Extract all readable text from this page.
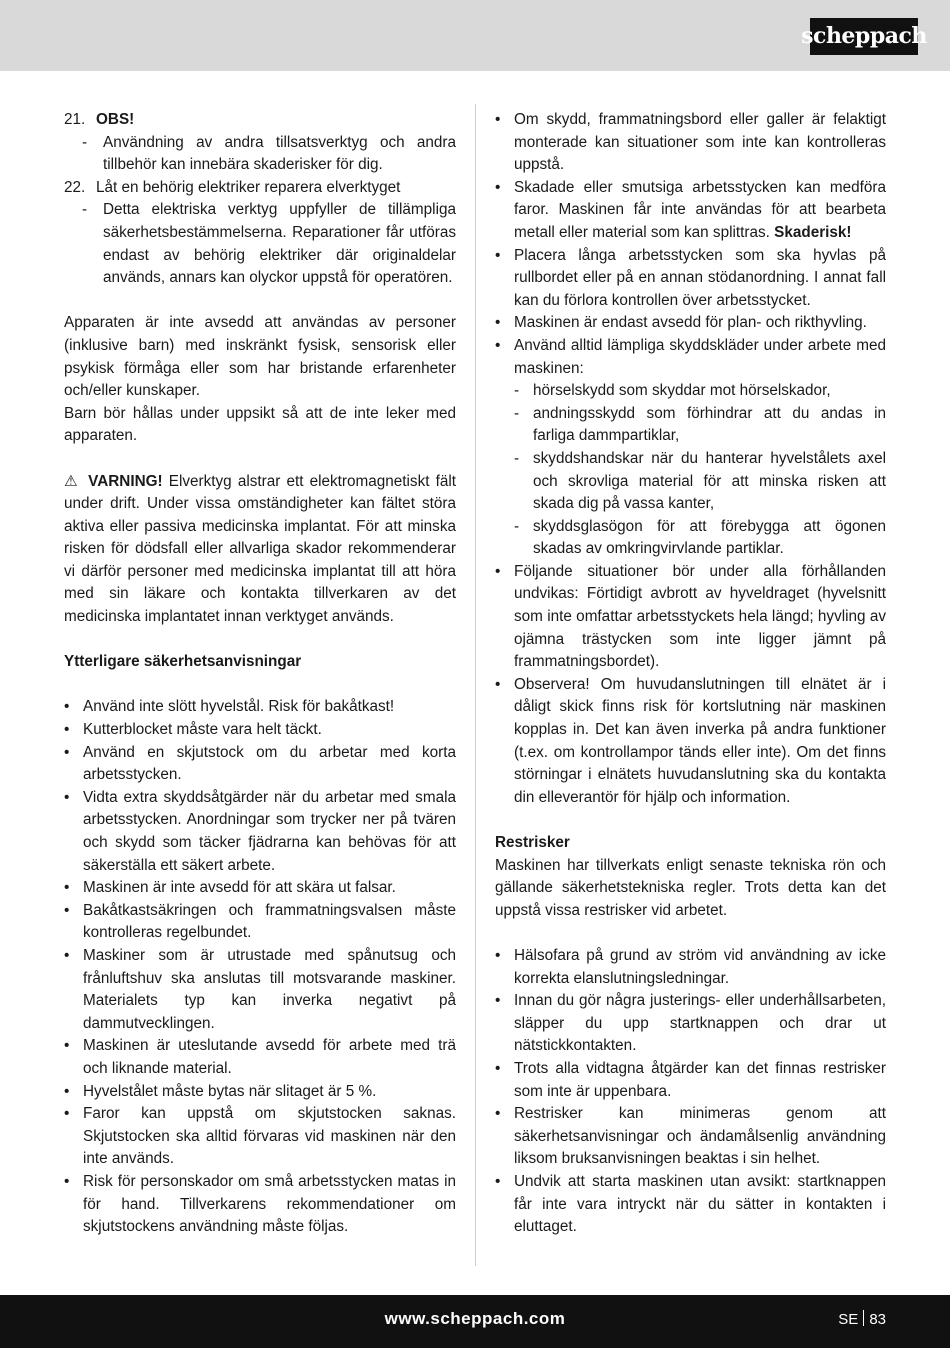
scheppach
21. OBS!
-	Användning av andra tillsatsverktyg och andra tillbehör kan innebära skaderisker för dig.
22. Låt en behörig elektriker reparera elverktyget
-	Detta elektriska verktyg uppfyller de tillämpliga säkerhetsbestämmelserna. Reparationer får utföras endast av behörig elektriker där originaldelar används, annars kan olyckor uppstå för operatören.

Apparaten är inte avsedd att användas av personer (inklusive barn) med inskränkt fysisk, sensorisk eller psykisk förmåga eller som har bristande erfarenheter och/eller kunskaper.

Barn bör hållas under uppsikt så att de inte leker med apparaten.

⚠ VARNING! Elverktyg alstrar ett elektromagnetiskt fält under drift. Under vissa omständigheter kan fältet störa aktiva eller passiva medicinska implantat. För att minska risken för dödsfall eller allvarliga skador rekommenderar vi därför personer med medicinska implantat till att höra med sin läkare och kontakta tillverkaren av det medicinska implantatet innan verktyget används.

Ytterligare säkerhetsanvisningar

• Använd inte slött hyvelstål. Risk för bakåtkast!
• Kutterblocket måste vara helt täckt.
• Använd en skjutstock om du arbetar med korta arbetsstycken.
• Vidta extra skyddsåtgärder när du arbetar med smala arbetsstycken. Anordningar som trycker ner på tvären och skydd som täcker fjädrarna kan behövas för att säkerställa ett säkert arbete.
• Maskinen är inte avsedd för att skära ut falsar.
• Bakåtkastsäkringen och frammatningsvalsen måste kontrolleras regelbundet.
• Maskiner som är utrustade med spånutsug och frånluftshuv ska anslutas till motsvarande maskiner. Materialets typ kan inverka negativt på dammutvecklingen.
• Maskinen är uteslutande avsedd för arbete med trä och liknande material.
• Hyvelstålet måste bytas när slitaget är 5 %.
• Faror kan uppstå om skjutstocken saknas. Skjutstocken ska alltid förvaras vid maskinen när den inte används.
• Risk för personskador om små arbetsstycken matas in för hand. Tillverkarens rekommendationer om skjutstockens användning måste följas.
• Om skydd, frammatningsbord eller galler är felaktigt monterade kan situationer som inte kan kontrolleras uppstå.
• Skadade eller smutsiga arbetsstycken kan medföra faror. Maskinen får inte användas för att bearbeta metall eller material som kan splittras. Skaderisk!
• Placera långa arbetsstycken som ska hyvlas på rullbordet eller på en annan stödanordning. I annat fall kan du förlora kontrollen över arbetsstycket.
• Maskinen är endast avsedd för plan- och rikthyvling.
• Använd alltid lämpliga skyddskläder under arbete med maskinen:
- hörselskydd som skyddar mot hörselskador,
- andningsskydd som förhindrar att du andas in farliga dammpartiklar,
- skyddshandskar när du hanterar hyvelstålets axel och skrovliga material för att minska risken att skada dig på vassa kanter,
- skyddsglasögon för att förebygga att ögonen skadas av omkringvirvlande partiklar.
• Följande situationer bör under alla förhållanden undvikas: Förtidigt avbrott av hyveldraget (hyvelsnitt som inte omfattar arbetsstyckets hela längd; hyvling av ojämna trästycken som inte ligger jämnt på frammatningsbordet).
• Observera! Om huvudanslutningen till elnätet är i dåligt skick finns risk för kortslutning när maskinen kopplas in. Det kan även inverka på andra funktioner (t.ex. om kontrollampor tänds eller inte). Om det finns störningar i elnätets huvudanslutning ska du kontakta din elleverantör för hjälp och information.

Restrisker

Maskinen har tillverkats enligt senaste tekniska rön och gällande säkerhetstekniska regler. Trots detta kan det uppstå vissa restrisker vid arbetet.

• Hälsofara på grund av ström vid användning av icke korrekta elanslutningsledningar.
• Innan du gör några justerings- eller underhållsarbeten, släpper du upp startknappen och drar ut nätstickkontakten.
• Trots alla vidtagna åtgärder kan det finnas restrisker som inte är uppenbara.
• Restrisker kan minimeras genom att säkerhetsanvisningar och ändamålsenlig användning liksom bruksanvisningen beaktas i sin helhet.
• Undvik att starta maskinen utan avsikt: startknappen får inte vara intryckt när du sätter in kontakten i eluttaget.
www.scheppach.com	SE 83
